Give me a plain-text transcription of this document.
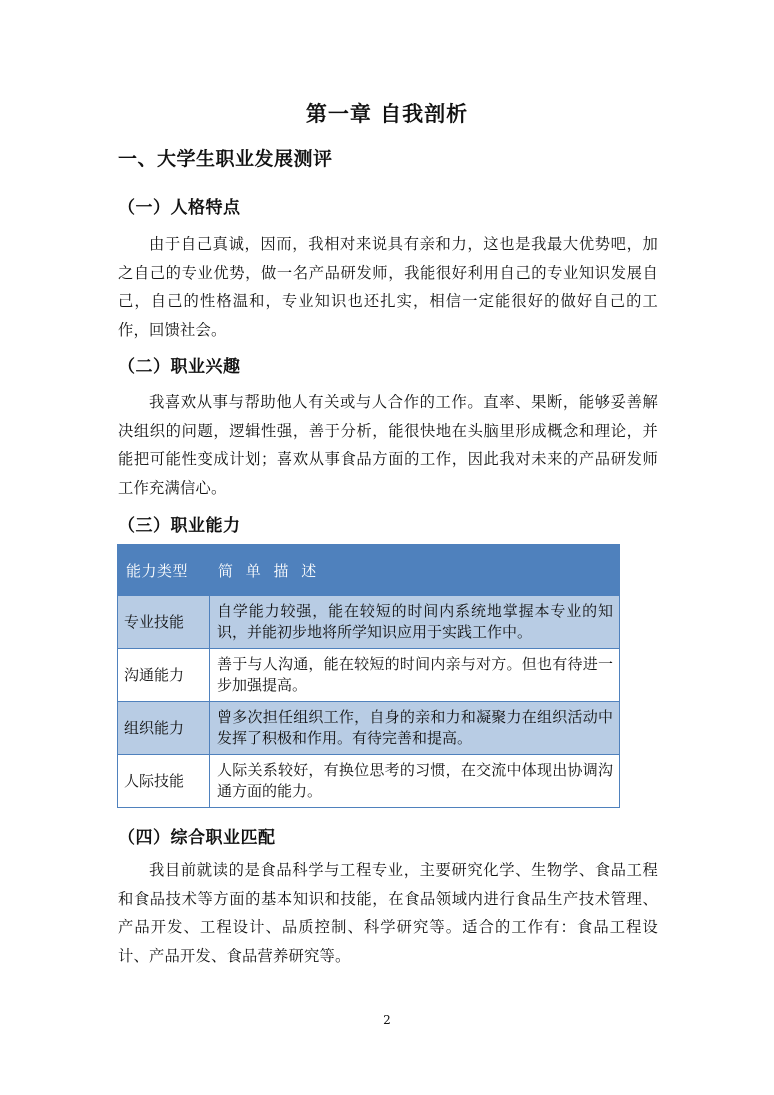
第一章 自我剖析
一、大学生职业发展测评
（一）人格特点
由于自己真诚，因而，我相对来说具有亲和力，这也是我最大优势吧，加之自己的专业优势，做一名产品研发师，我能很好利用自己的专业知识发展自己，自己的性格温和，专业知识也还扎实，相信一定能很好的做好自己的工作，回馈社会。
（二）职业兴趣
我喜欢从事与帮助他人有关或与人合作的工作。直率、果断，能够妥善解决组织的问题，逻辑性强，善于分析，能很快地在头脑里形成概念和理论，并能把可能性变成计划；喜欢从事食品方面的工作，因此我对未来的产品研发师工作充满信心。
（三）职业能力
能力类型	简 单 描 述
专业技能	自学能力较强，能在较短的时间内系统地掌握本专业的知识，并能初步地将所学知识应用于实践工作中。
沟通能力	善于与人沟通，能在较短的时间内亲与对方。但也有待进一步加强提高。
组织能力	曾多次担任组织工作，自身的亲和力和凝聚力在组织活动中发挥了积极和作用。有待完善和提高。
人际技能	人际关系较好，有换位思考的习惯，在交流中体现出协调沟通方面的能力。
（四）综合职业匹配
我目前就读的是食品科学与工程专业，主要研究化学、生物学、食品工程和食品技术等方面的基本知识和技能，在食品领域内进行食品生产技术管理、产品开发、工程设计、品质控制、科学研究等。适合的工作有：食品工程设计、产品开发、食品营养研究等。
2
